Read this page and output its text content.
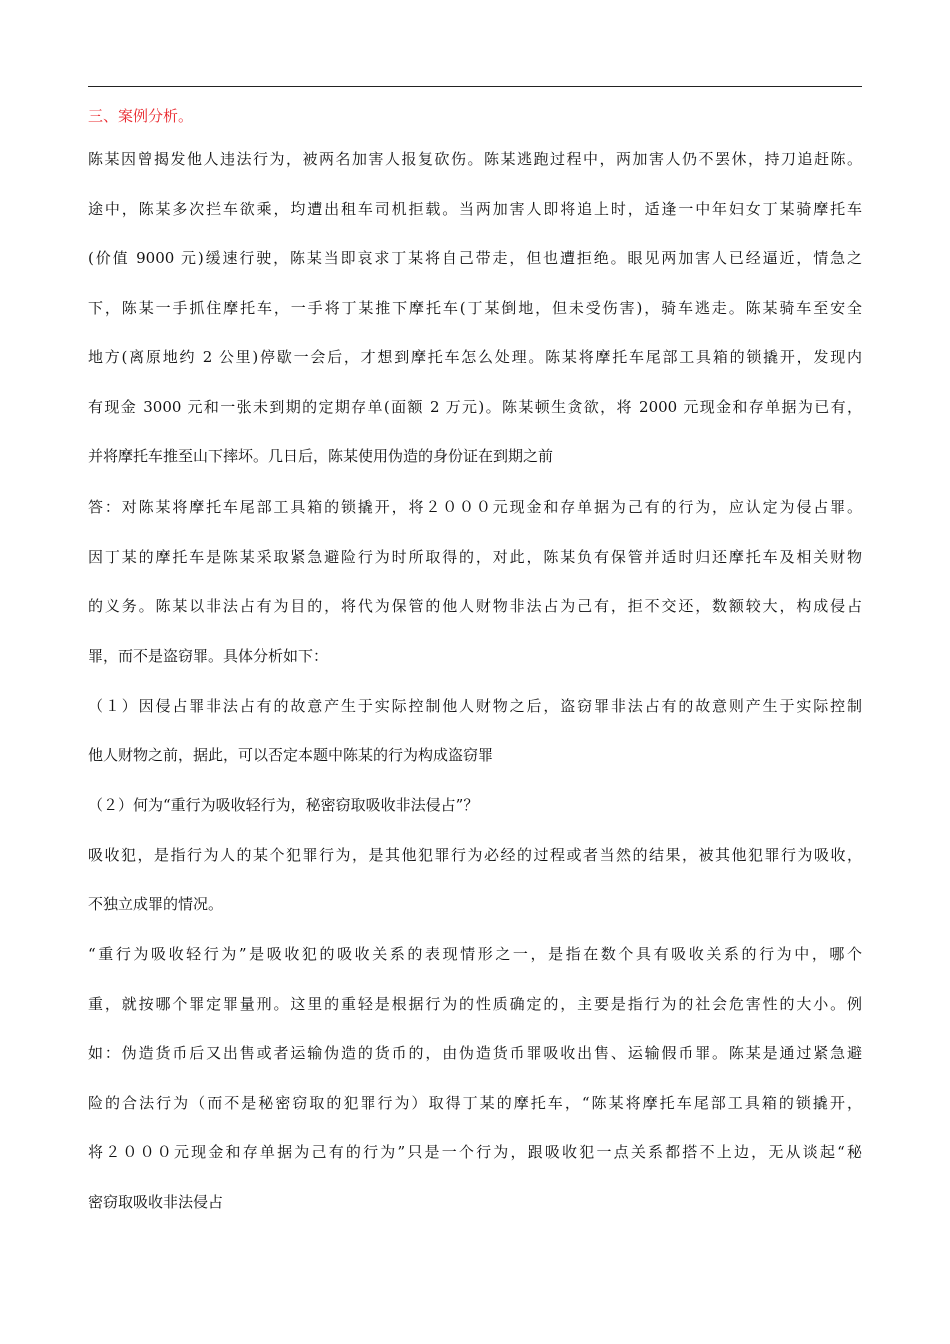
三、案例分析。
陈某因曾揭发他人违法行为，被两名加害人报复砍伤。陈某逃跑过程中，两加害人仍不罢休，持刀追赶陈。
途中，陈某多次拦车欲乘，均遭出租车司机拒载。当两加害人即将追上时，适逢一中年妇女丁某骑摩托车
(价值 9000 元)缓速行驶，陈某当即哀求丁某将自己带走，但也遭拒绝。眼见两加害人已经逼近，情急之
下，陈某一手抓住摩托车，一手将丁某推下摩托车(丁某倒地，但未受伤害)，骑车逃走。陈某骑车至安全
地方(离原地约 2 公里)停歇一会后，才想到摩托车怎么处理。陈某将摩托车尾部工具箱的锁撬开，发现内
有现金 3000 元和一张未到期的定期存单(面额 2 万元)。陈某顿生贪欲，将 2000 元现金和存单据为已有，
并将摩托车推至山下摔坏。几日后，陈某使用伪造的身份证在到期之前
答：对陈某将摩托车尾部工具箱的锁撬开，将２０００元现金和存单据为己有的行为，应认定为侵占罪。
因丁某的摩托车是陈某采取紧急避险行为时所取得的，对此，陈某负有保管并适时归还摩托车及相关财物
的义务。陈某以非法占有为目的，将代为保管的他人财物非法占为己有，拒不交还，数额较大，构成侵占
罪，而不是盗窃罪。具体分析如下：
（１）因侵占罪非法占有的故意产生于实际控制他人财物之后，盗窃罪非法占有的故意则产生于实际控制
他人财物之前，据此，可以否定本题中陈某的行为构成盗窃罪
（２）何为“重行为吸收轻行为，秘密窃取吸收非法侵占”？
吸收犯，是指行为人的某个犯罪行为，是其他犯罪行为必经的过程或者当然的结果，被其他犯罪行为吸收，
不独立成罪的情况。
“重行为吸收轻行为”是吸收犯的吸收关系的表现情形之一，是指在数个具有吸收关系的行为中，哪个
重，就按哪个罪定罪量刑。这里的重轻是根据行为的性质确定的，主要是指行为的社会危害性的大小。例
如：伪造货币后又出售或者运输伪造的货币的，由伪造货币罪吸收出售、运输假币罪。陈某是通过紧急避
险的合法行为（而不是秘密窃取的犯罪行为）取得丁某的摩托车，“陈某将摩托车尾部工具箱的锁撬开，
将２０００元现金和存单据为己有的行为”只是一个行为，跟吸收犯一点关系都搭不上边，无从谈起“秘
密窃取吸收非法侵占
